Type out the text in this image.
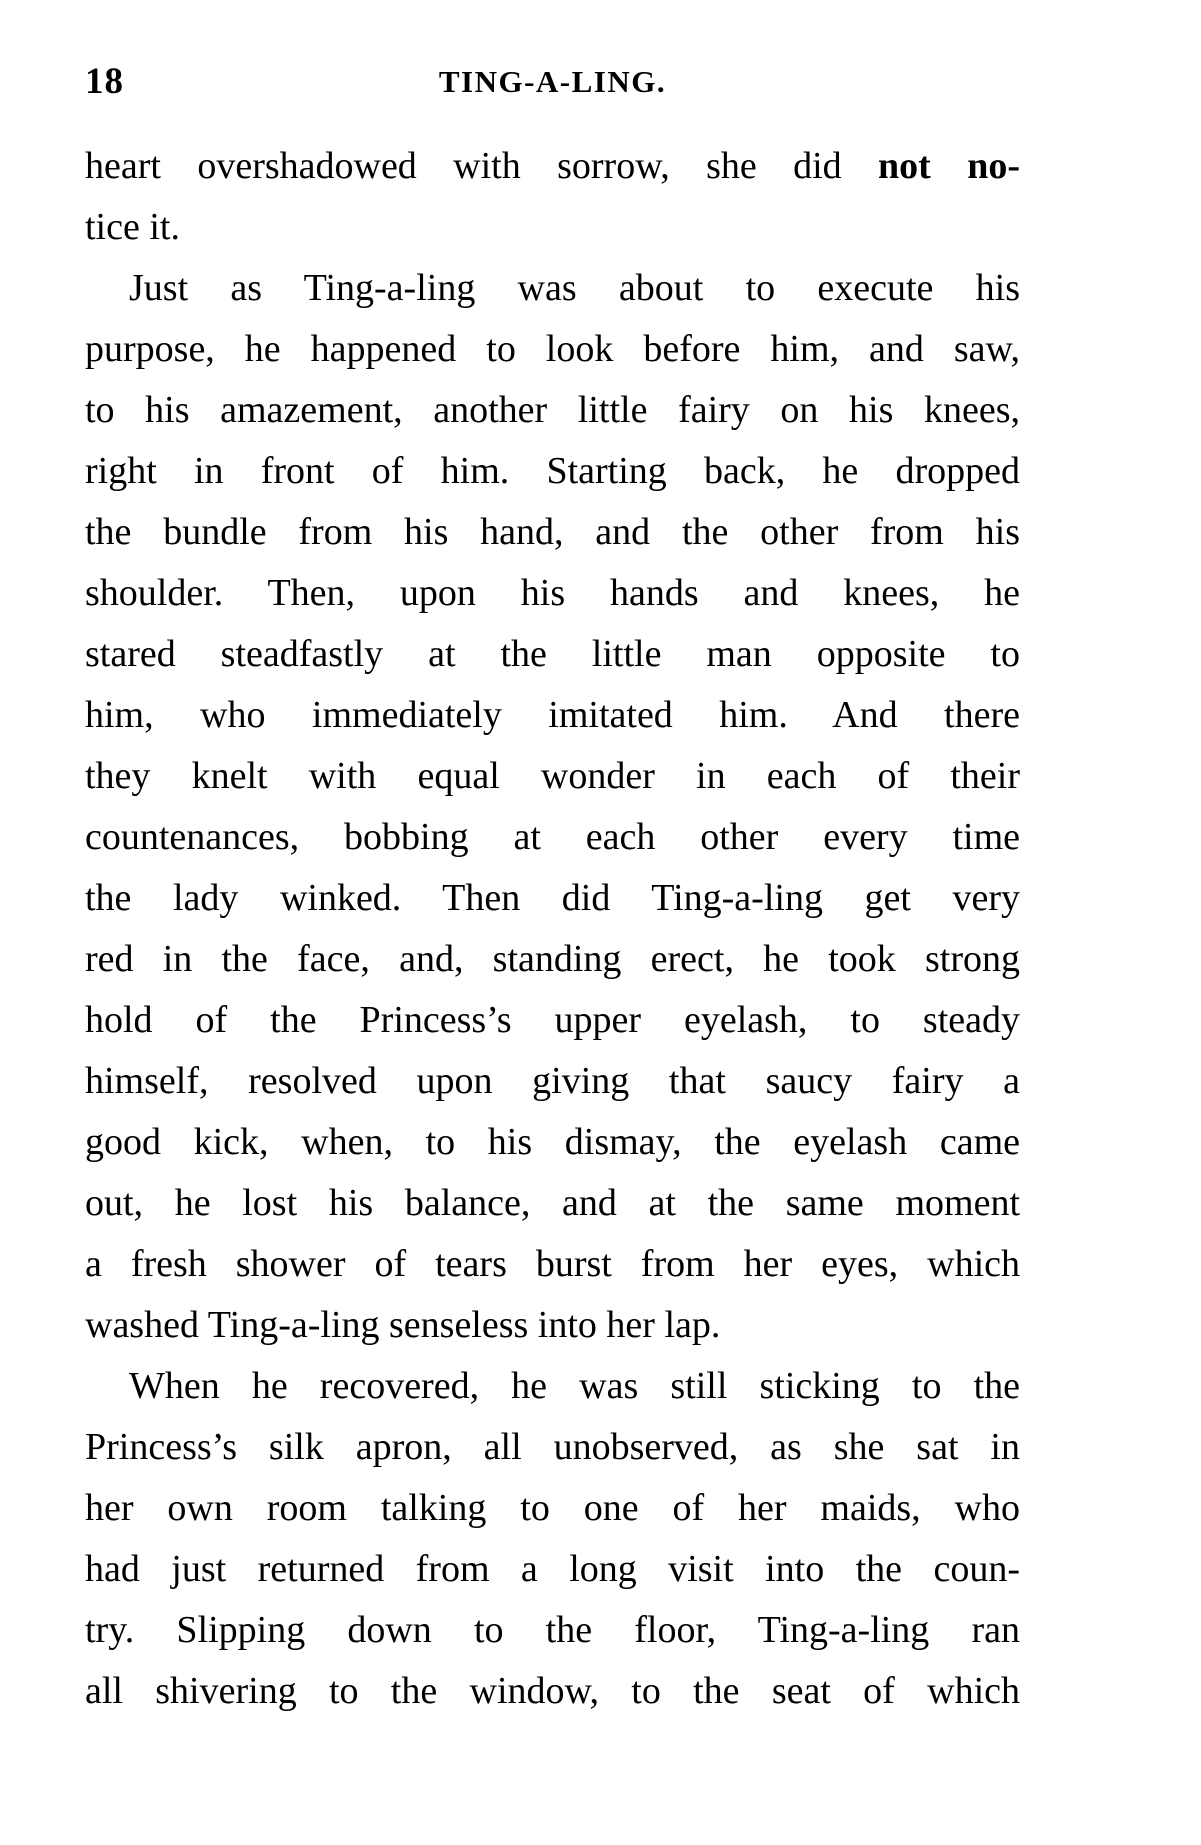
18	TING-A-LING.
heart overshadowed with sorrow, she did not no-
tice it.
Just as Ting-a-ling was about to execute his
purpose, he happened to look before him, and saw,
to his amazement, another little fairy on his knees,
right in front of him. Starting back, he dropped
the bundle from his hand, and the other from his
shoulder. Then, upon his hands and knees, he
stared steadfastly at the little man opposite to
him, who immediately imitated him. And there
they knelt with equal wonder in each of their
countenances, bobbing at each other every time
the lady winked. Then did Ting-a-ling get very
red in the face, and, standing erect, he took strong
hold of the Princess’s upper eyelash, to steady
himself, resolved upon giving that saucy fairy a
good kick, when, to his dismay, the eyelash came
out, he lost his balance, and at the same moment
a fresh shower of tears burst from her eyes, which
washed Ting-a-ling senseless into her lap.
When he recovered, he was still sticking to the
Princess’s silk apron, all unobserved, as she sat in
her own room talking to one of her maids, who
had just returned from a long visit into the coun-
try. Slipping down to the floor, Ting-a-ling ran
all shivering to the window, to the seat of which
